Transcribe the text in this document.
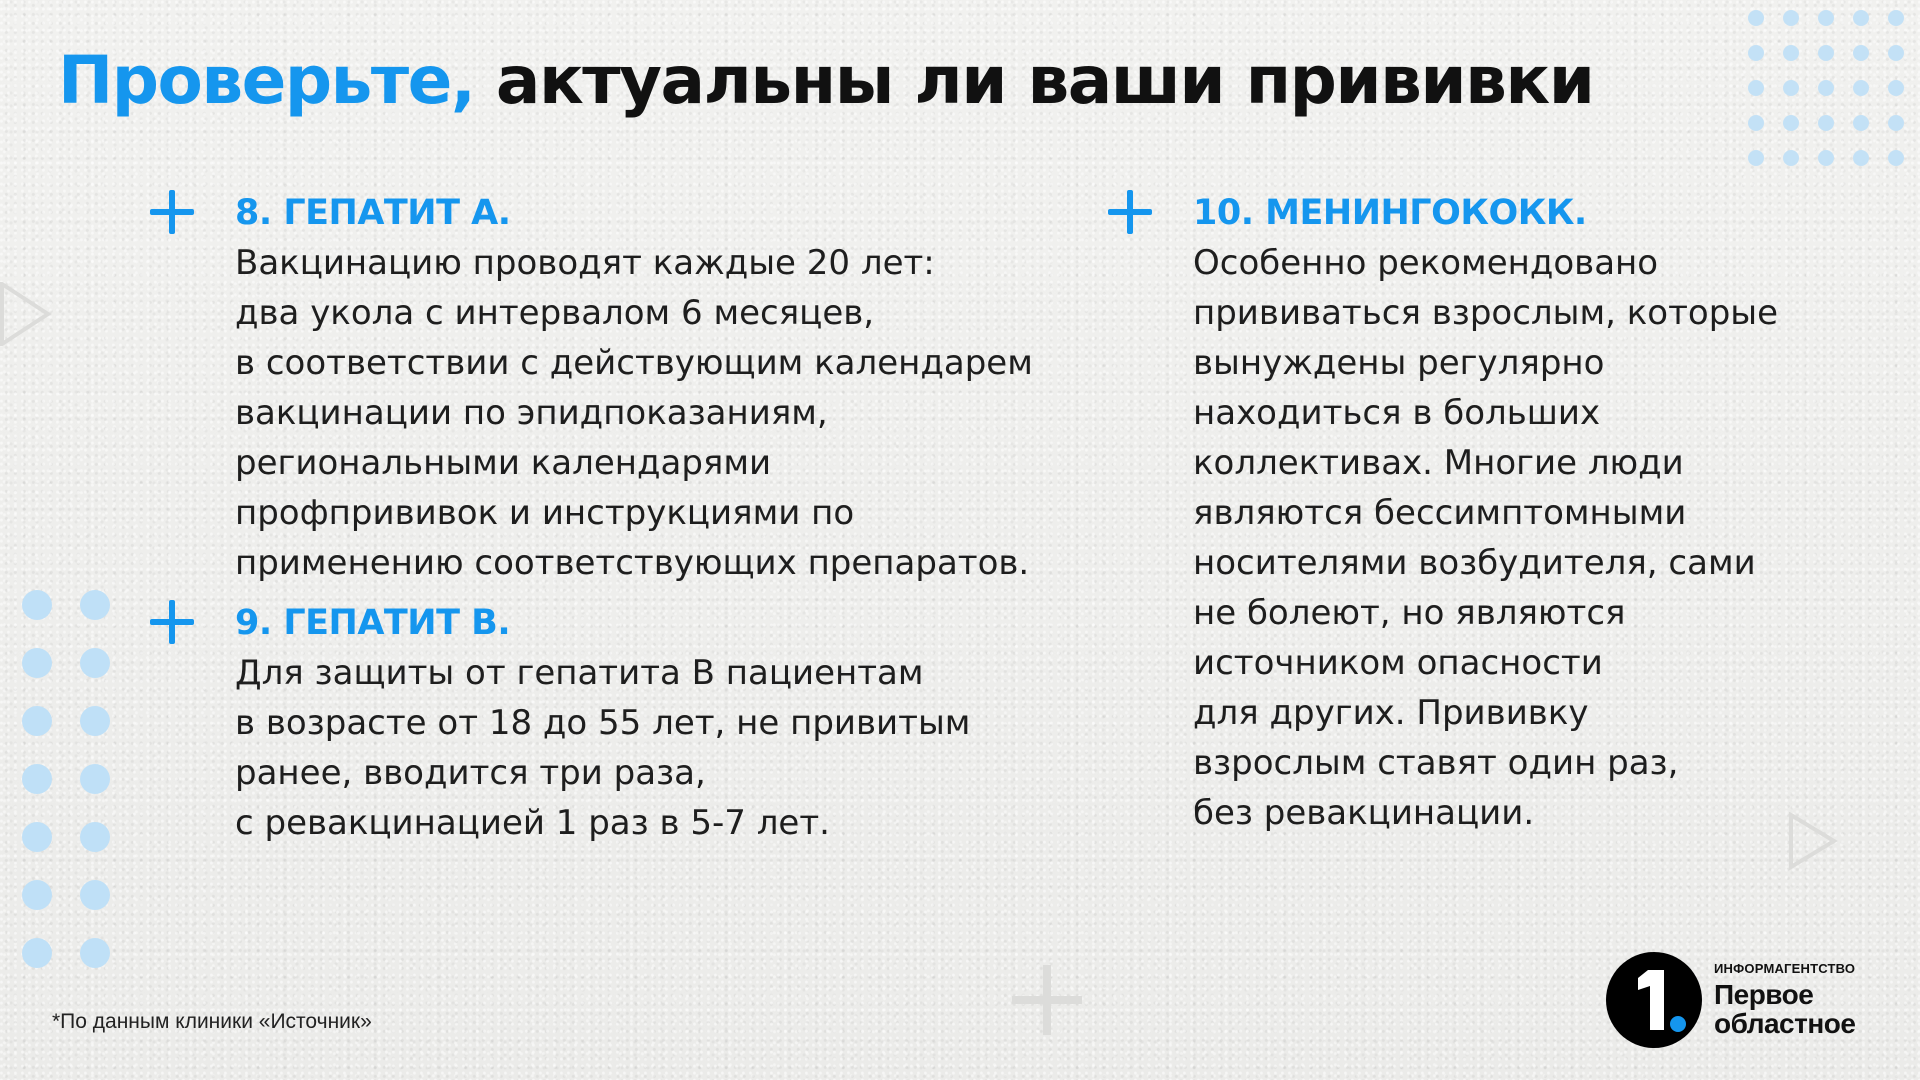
Проверьте, актуальны ли ваши прививки
8. ГЕПАТИТ А.
Вакцинацию проводят каждые 20 лет:
два укола с интервалом 6 месяцев,
в соответствии с действующим календарем
вакцинации по эпидпоказаниям,
региональными календарями
профпрививок и инструкциями по
применению соответствующих препаратов.
9. ГЕПАТИТ В.
Для защиты от гепатита В пациентам
в возрасте от 18 до 55 лет, не привитым
ранее, вводится три раза,
с ревакцинацией 1 раз в 5-7 лет.
10. МЕНИНГОКОКК.
Особенно рекомендовано
прививаться взрослым, которые
вынуждены регулярно
находиться в больших
коллективах. Многие люди
являются бессимптомными
носителями возбудителя, сами
не болеют, но являются
источником опасности
для других. Прививку
взрослым ставят один раз,
без ревакцинации.
*По данным клиники «Источник»
ИНФОРМАГЕНТСТВО
Первое
областное
